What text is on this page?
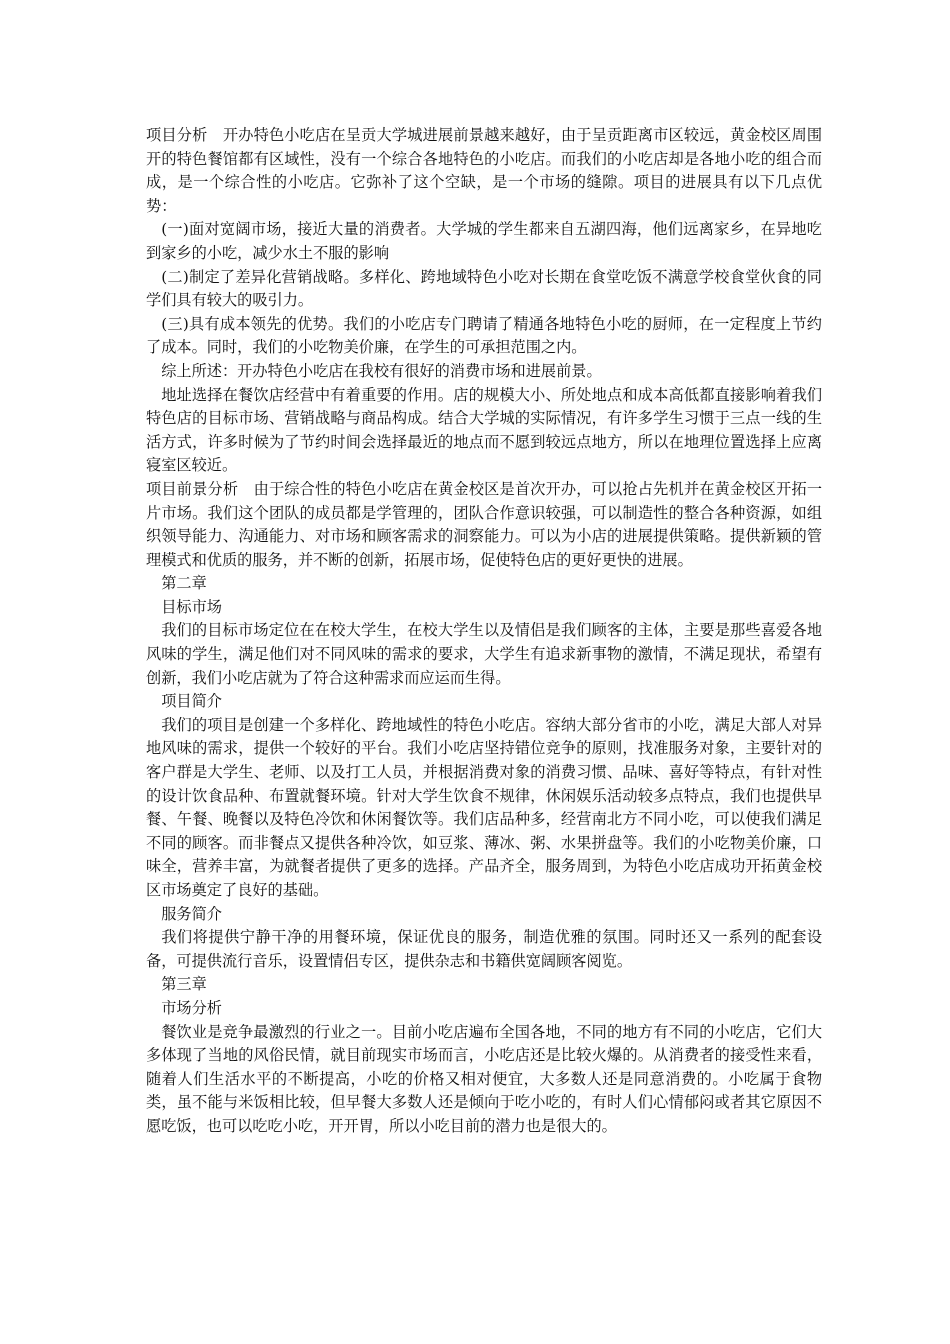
项目分析　开办特色小吃店在呈贡大学城进展前景越来越好，由于呈贡距离市区较远，黄金校区周围开的特色餐馆都有区域性，没有一个综合各地特色的小吃店。而我们的小吃店却是各地小吃的组合而成，是一个综合性的小吃店。它弥补了这个空缺，是一个市场的缝隙。项目的进展具有以下几点优势：

(一)面对宽阔市场，接近大量的消费者。大学城的学生都来自五湖四海，他们远离家乡，在异地吃到家乡的小吃，减少水土不服的影响

(二)制定了差异化营销战略。多样化、跨地域特色小吃对长期在食堂吃饭不满意学校食堂伙食的同学们具有较大的吸引力。

(三)具有成本领先的优势。我们的小吃店专门聘请了精通各地特色小吃的厨师，在一定程度上节约了成本。同时，我们的小吃物美价廉，在学生的可承担范围之内。

综上所述：开办特色小吃店在我校有很好的消费市场和进展前景。

地址选择在餐饮店经营中有着重要的作用。店的规模大小、所处地点和成本高低都直接影响着我们特色店的目标市场、营销战略与商品构成。结合大学城的实际情况，有许多学生习惯于三点一线的生活方式，许多时候为了节约时间会选择最近的地点而不愿到较远点地方，所以在地理位置选择上应离寝室区较近。

项目前景分析　由于综合性的特色小吃店在黄金校区是首次开办，可以抢占先机并在黄金校区开拓一片市场。我们这个团队的成员都是学管理的，团队合作意识较强，可以制造性的整合各种资源，如组织领导能力、沟通能力、对市场和顾客需求的洞察能力。可以为小店的进展提供策略。提供新颖的管理模式和优质的服务，并不断的创新，拓展市场，促使特色店的更好更快的进展。

第二章

目标市场

我们的目标市场定位在在校大学生，在校大学生以及情侣是我们顾客的主体，主要是那些喜爱各地风味的学生，满足他们对不同风味的需求的要求，大学生有追求新事物的激情，不满足现状，希望有创新，我们小吃店就为了符合这种需求而应运而生得。

项目简介

我们的项目是创建一个多样化、跨地域性的特色小吃店。容纳大部分省市的小吃，满足大部人对异地风味的需求，提供一个较好的平台。我们小吃店坚持错位竞争的原则，找准服务对象，主要针对的客户群是大学生、老师、以及打工人员，并根据消费对象的消费习惯、品味、喜好等特点，有针对性的设计饮食品种、布置就餐环境。针对大学生饮食不规律，休闲娱乐活动较多点特点，我们也提供早餐、午餐、晚餐以及特色冷饮和休闲餐饮等。我们店品种多，经营南北方不同小吃，可以使我们满足不同的顾客。而非餐点又提供各种冷饮，如豆浆、薄冰、粥、水果拼盘等。我们的小吃物美价廉，口味全，营养丰富，为就餐者提供了更多的选择。产品齐全，服务周到，为特色小吃店成功开拓黄金校区市场奠定了良好的基础。

服务简介

我们将提供宁静干净的用餐环境，保证优良的服务，制造优雅的氛围。同时还又一系列的配套设备，可提供流行音乐，设置情侣专区，提供杂志和书籍供宽阔顾客阅览。

第三章

市场分析

餐饮业是竞争最激烈的行业之一。目前小吃店遍布全国各地，不同的地方有不同的小吃店，它们大多体现了当地的风俗民情，就目前现实市场而言，小吃店还是比较火爆的。从消费者的接受性来看，随着人们生活水平的不断提高，小吃的价格又相对便宜，大多数人还是同意消费的。小吃属于食物类，虽不能与米饭相比较，但早餐大多数人还是倾向于吃小吃的，有时人们心情郁闷或者其它原因不愿吃饭，也可以吃吃小吃，开开胃，所以小吃目前的潜力也是很大的。
